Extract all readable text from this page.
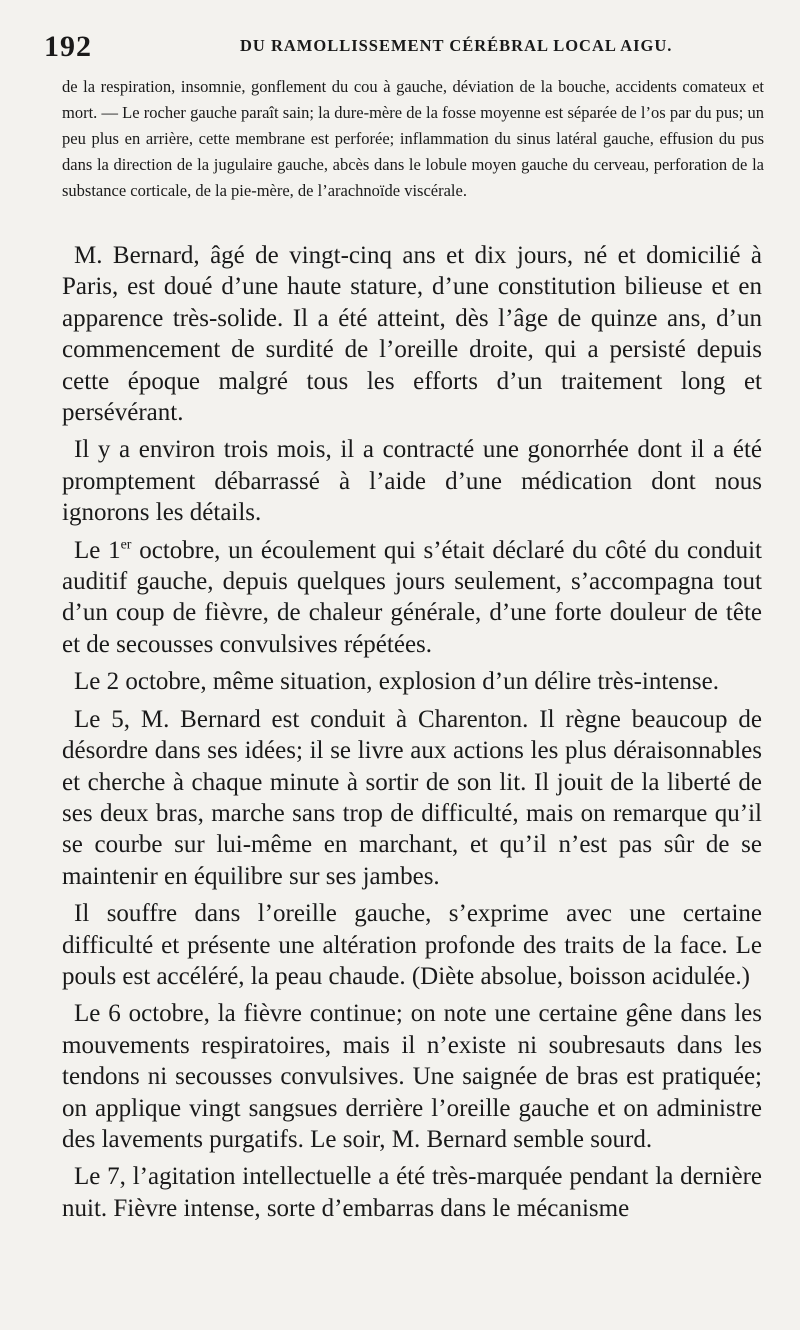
192	DU RAMOLLISSEMENT CÉRÉBRAL LOCAL AIGU.

de la respiration, insomnie, gonflement du cou à gauche, déviation de la bouche, accidents comateux et mort. — Le rocher gauche paraît sain; la dure-mère de la fosse moyenne est séparée de l’os par du pus; un peu plus en arrière, cette membrane est perforée; inflammation du sinus latéral gauche, effusion du pus dans la direction de la jugulaire gauche, abcès dans le lobule moyen gauche du cerveau, perforation de la substance corticale, de la pie-mère, de l’arachnoïde viscérale.

M. Bernard, âgé de vingt-cinq ans et dix jours, né et domicilié à Paris, est doué d’une haute stature, d’une constitution bilieuse et en apparence très-solide. Il a été atteint, dès l’âge de quinze ans, d’un commencement de surdité de l’oreille droite, qui a persisté depuis cette époque malgré tous les efforts d’un traitement long et persévérant.

Il y a environ trois mois, il a contracté une gonorrhée dont il a été promptement débarrassé à l’aide d’une médication dont nous ignorons les détails.

Le 1er octobre, un écoulement qui s’était déclaré du côté du conduit auditif gauche, depuis quelques jours seulement, s’accompagna tout d’un coup de fièvre, de chaleur générale, d’une forte douleur de tête et de secousses convulsives répétées.

Le 2 octobre, même situation, explosion d’un délire très-intense.

Le 5, M. Bernard est conduit à Charenton. Il règne beaucoup de désordre dans ses idées; il se livre aux actions les plus déraisonnables et cherche à chaque minute à sortir de son lit. Il jouit de la liberté de ses deux bras, marche sans trop de difficulté, mais on remarque qu’il se courbe sur lui-même en marchant, et qu’il n’est pas sûr de se maintenir en équilibre sur ses jambes.

Il souffre dans l’oreille gauche, s’exprime avec une certaine difficulté et présente une altération profonde des traits de la face. Le pouls est accéléré, la peau chaude. (Diète absolue, boisson acidulée.)

Le 6 octobre, la fièvre continue; on note une certaine gêne dans les mouvements respiratoires, mais il n’existe ni soubresauts dans les tendons ni secousses convulsives. Une saignée de bras est pratiquée; on applique vingt sangsues derrière l’oreille gauche et on administre des lavements purgatifs. Le soir, M. Bernard semble sourd.

Le 7, l’agitation intellectuelle a été très-marquée pendant la dernière nuit. Fièvre intense, sorte d’embarras dans le mécanisme
